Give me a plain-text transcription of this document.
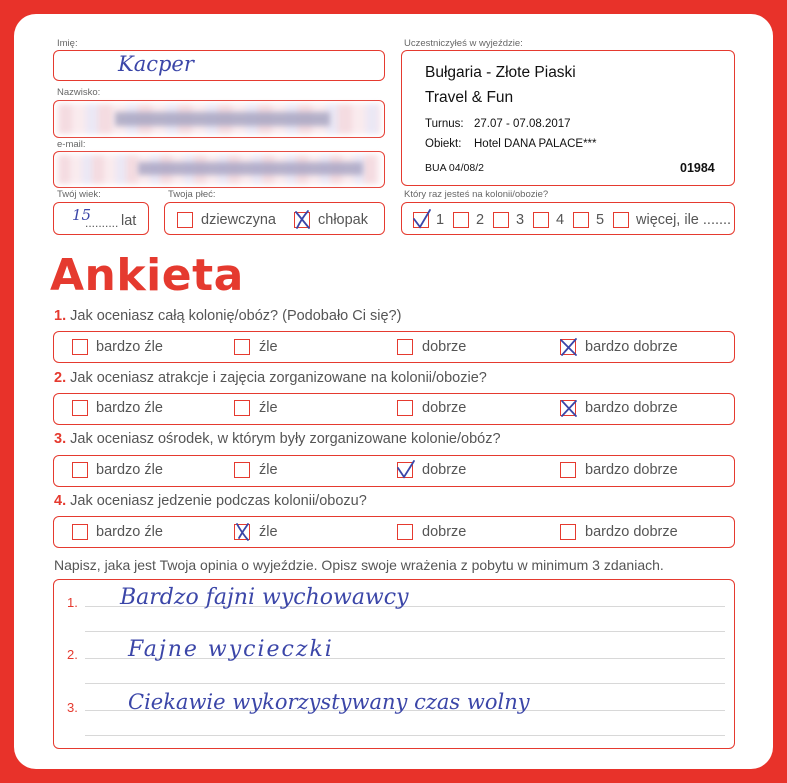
Imię:
Kacper
Nazwisko:
e-mail:
Twój wiek:
15
.......... lat
Twoja płeć:
dziewczyna	chłopak
Uczestniczyłeś w wyjeździe:
Bułgaria - Złote Piaski
Travel & Fun
Turnus: 27.07 - 07.08.2017
Obiekt: Hotel DANA PALACE***
BUA 04/08/2	01984
Który raz jesteś na kolonii/obozie?
1 2 3 4 5 więcej, ile .......
Ankieta
1. Jak oceniasz całą kolonię/obóz? (Podobało Ci się?)
bardzo źle	źle	dobrze	bardzo dobrze
2. Jak oceniasz atrakcje i zajęcia zorganizowane na kolonii/obozie?
bardzo źle	źle	dobrze	bardzo dobrze
3. Jak oceniasz ośrodek, w którym były zorganizowane kolonie/obóz?
bardzo źle	źle	dobrze	bardzo dobrze
4. Jak oceniasz jedzenie podczas kolonii/obozu?
bardzo źle	źle	dobrze	bardzo dobrze
Napisz, jaka jest Twoja opinia o wyjeździe. Opisz swoje wrażenia z pobytu w minimum 3 zdaniach.
1. Bardzo fajni wychowawcy
2. Fajne wycieczki
3. Ciekawie wykorzystywany czas wolny
